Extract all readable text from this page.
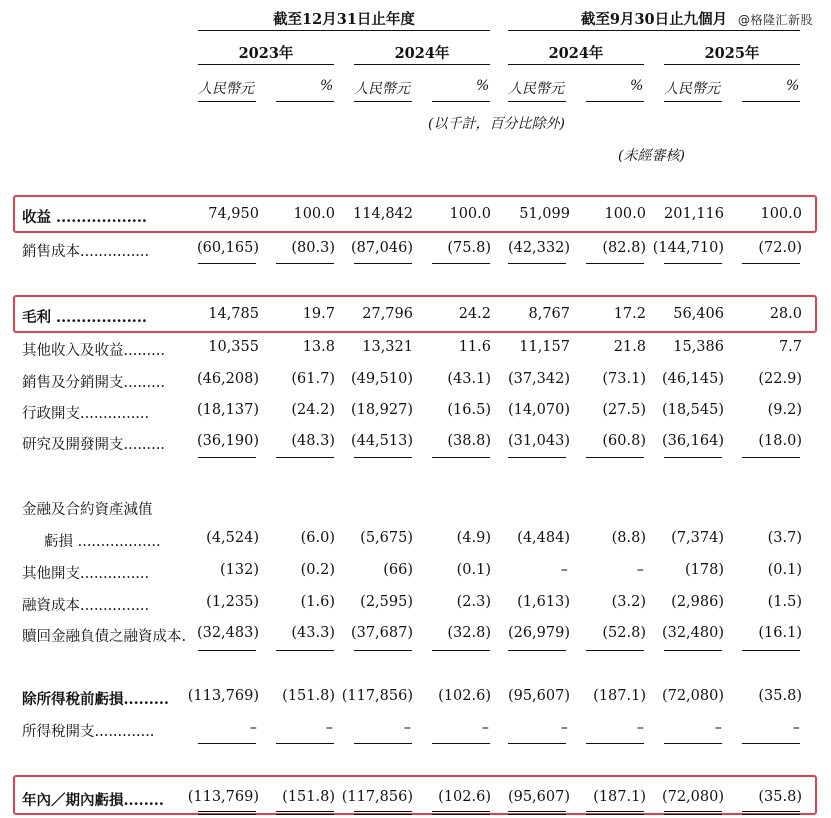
@格隆汇新股
截至12月31日止年度	截至9月30日止九個月
2023年	2024年	2024年	2025年
人民幣元	% 人民幣元	% 人民幣元	% 人民幣元	%
(以千計，百分比除外)
(未經審核)
收益 ..................	74,950	100.0	114,842	100.0	51,099	100.0	201,116	100.0
銷售成本...............	(60,165)	(80.3)	(87,046)	(75.8)	(42,332)	(82.8) (144,710)	(72.0)
毛利 ..................	14,785	19.7	27,796	24.2	8,767	17.2	56,406	28.0
其他收入及收益.........	10,355	13.8	13,321	11.6	11,157	21.8	15,386	7.7
銷售及分銷開支.........	(46,208)	(61.7)	(49,510)	(43.1)	(37,342)	(73.1)	(46,145)	(22.9)
行政開支...............	(18,137)	(24.2)	(18,927)	(16.5)	(14,070)	(27.5)	(18,545)	(9.2)
研究及開發開支.........	(36,190)	(48.3)	(44,513)	(38.8)	(31,043)	(60.8)	(36,164)	(18.0)
金融及合約資產減值
虧損 ..................	(4,524)	(6.0)	(5,675)	(4.9)	(4,484)	(8.8)	(7,374)	(3.7)
其他開支...............	(132)	(0.2)	(66)	(0.1)	–	–	(178)	(0.1)
融資成本...............	(1,235)	(1.6)	(2,595)	(2.3)	(1,613)	(3.2)	(2,986)	(1.5)
贖回金融負債之融資成本. (32,483)	(43.3)	(37,687)	(32.8)	(26,979)	(52.8)	(32,480)	(16.1)
除所得稅前虧損.........	(113,769)	(151.8) (117,856)	(102.6)	(95,607)	(187.1)	(72,080)	(35.8)
所得稅開支.............	–	–	–	–	–	–	–	–
年內／期內虧損........	(113,769)	(151.8) (117,856)	(102.6)	(95,607)	(187.1)	(72,080)	(35.8)
